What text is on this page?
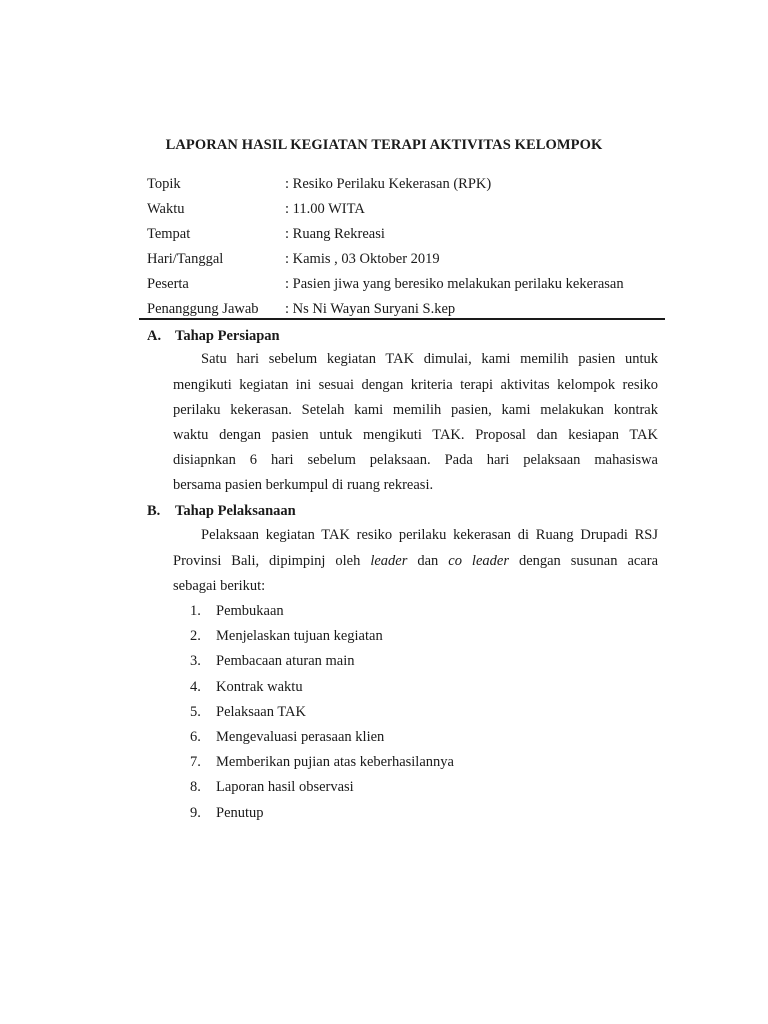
LAPORAN HASIL KEGIATAN TERAPI AKTIVITAS KELOMPOK
Topik	: Resiko Perilaku Kekerasan (RPK)
Waktu	: 11.00 WITA
Tempat	: Ruang Rekreasi
Hari/Tanggal	: Kamis , 03 Oktober 2019
Peserta	: Pasien jiwa yang beresiko melakukan perilaku kekerasan
Penanggung Jawab : Ns Ni Wayan Suryani S.kep
A. Tahap Persiapan
Satu hari sebelum kegiatan TAK dimulai, kami memilih pasien untuk
mengikuti kegiatan ini sesuai dengan kriteria terapi aktivitas kelompok resiko
perilaku kekerasan. Setelah kami memilih pasien, kami melakukan kontrak
waktu dengan pasien untuk mengikuti TAK. Proposal dan kesiapan TAK
disiapnkan 6 hari sebelum pelaksaan. Pada hari pelaksaan mahasiswa
bersama pasien berkumpul di ruang rekreasi.
B. Tahap Pelaksanaan
Pelaksaan kegiatan TAK resiko perilaku kekerasan di Ruang Drupadi RSJ
Provinsi Bali, dipimpinj oleh leader dan co leader dengan susunan acara
sebagai berikut:
1. Pembukaan
2. Menjelaskan tujuan kegiatan
3. Pembacaan aturan main
4. Kontrak waktu
5. Pelaksaan TAK
6. Mengevaluasi perasaan klien
7. Memberikan pujian atas keberhasilannya
8. Laporan hasil observasi
9. Penutup
